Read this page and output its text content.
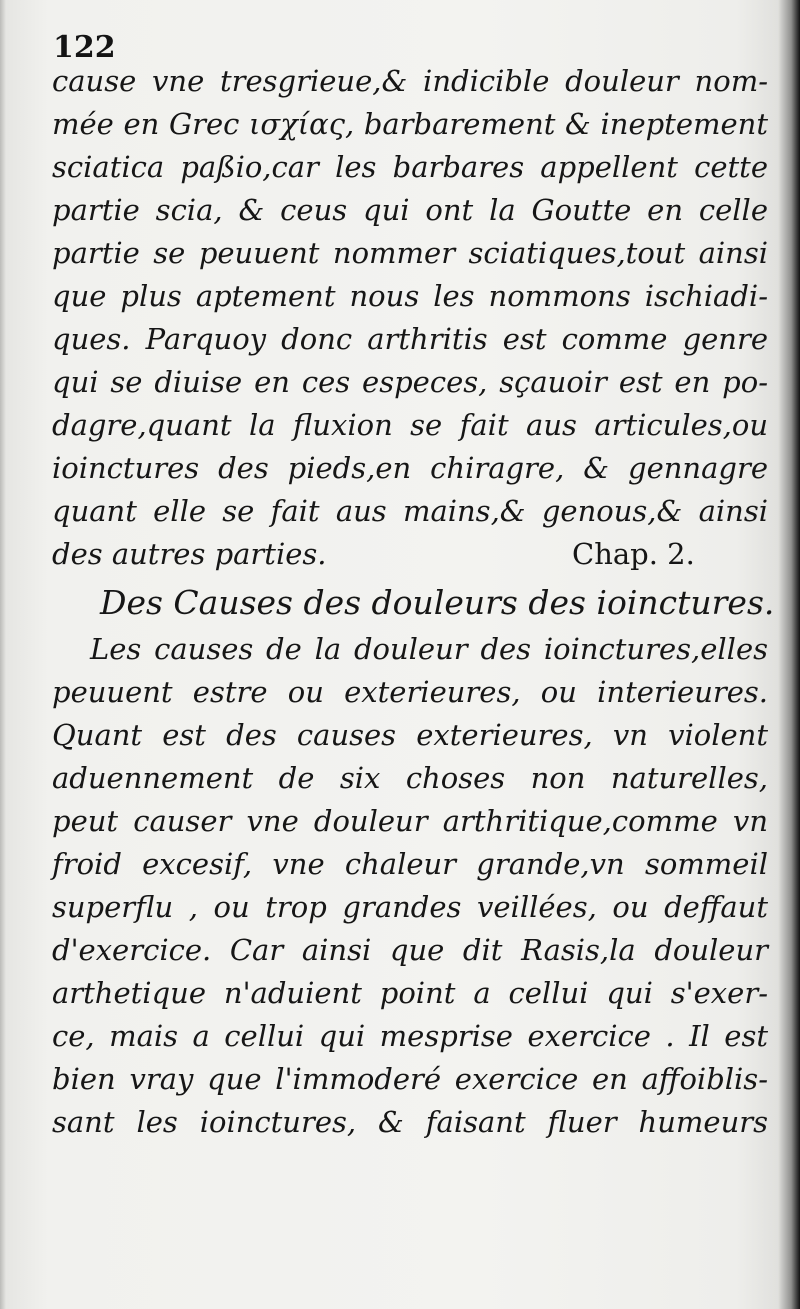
122
cause vne tresgrieue,& indicible douleur nom-
mée en Grec ισχίας, barbarement & ineptement
sciatica paßio,car les barbares appellent cette
partie scia, & ceus qui ont la Goutte en celle
partie se peuuent nommer sciatiques,tout ainsi
que plus aptement nous les nommons ischiadi-
ques. Parquoy donc arthritis est comme genre
qui se diuise en ces especes, sçauoir est en po-
dagre,quant la fluxion se fait aus articules,ou
ioinctures des pieds,en chiragre, & gennagre
quant elle se fait aus mains,& genous,& ainsi
des autres parties.	Chap. 2.
Des Causes des douleurs des ioinctures.
Les causes de la douleur des ioinctures,elles
peuuent estre ou exterieures, ou interieures.
Quant est des causes exterieures, vn violent
aduennement de six choses non naturelles,
peut causer vne douleur arthritique,comme vn
froid excesif, vne chaleur grande,vn sommeil
superflu , ou trop grandes veillées, ou deffaut
d'exercice. Car ainsi que dit Rasis,la douleur
arthetique n'aduient point a cellui qui s'exer-
ce, mais a cellui qui mesprise exercice . Il est
bien vray que l'immoderé exercice en affoiblis-
sant les ioinctures, & faisant fluer humeurs
